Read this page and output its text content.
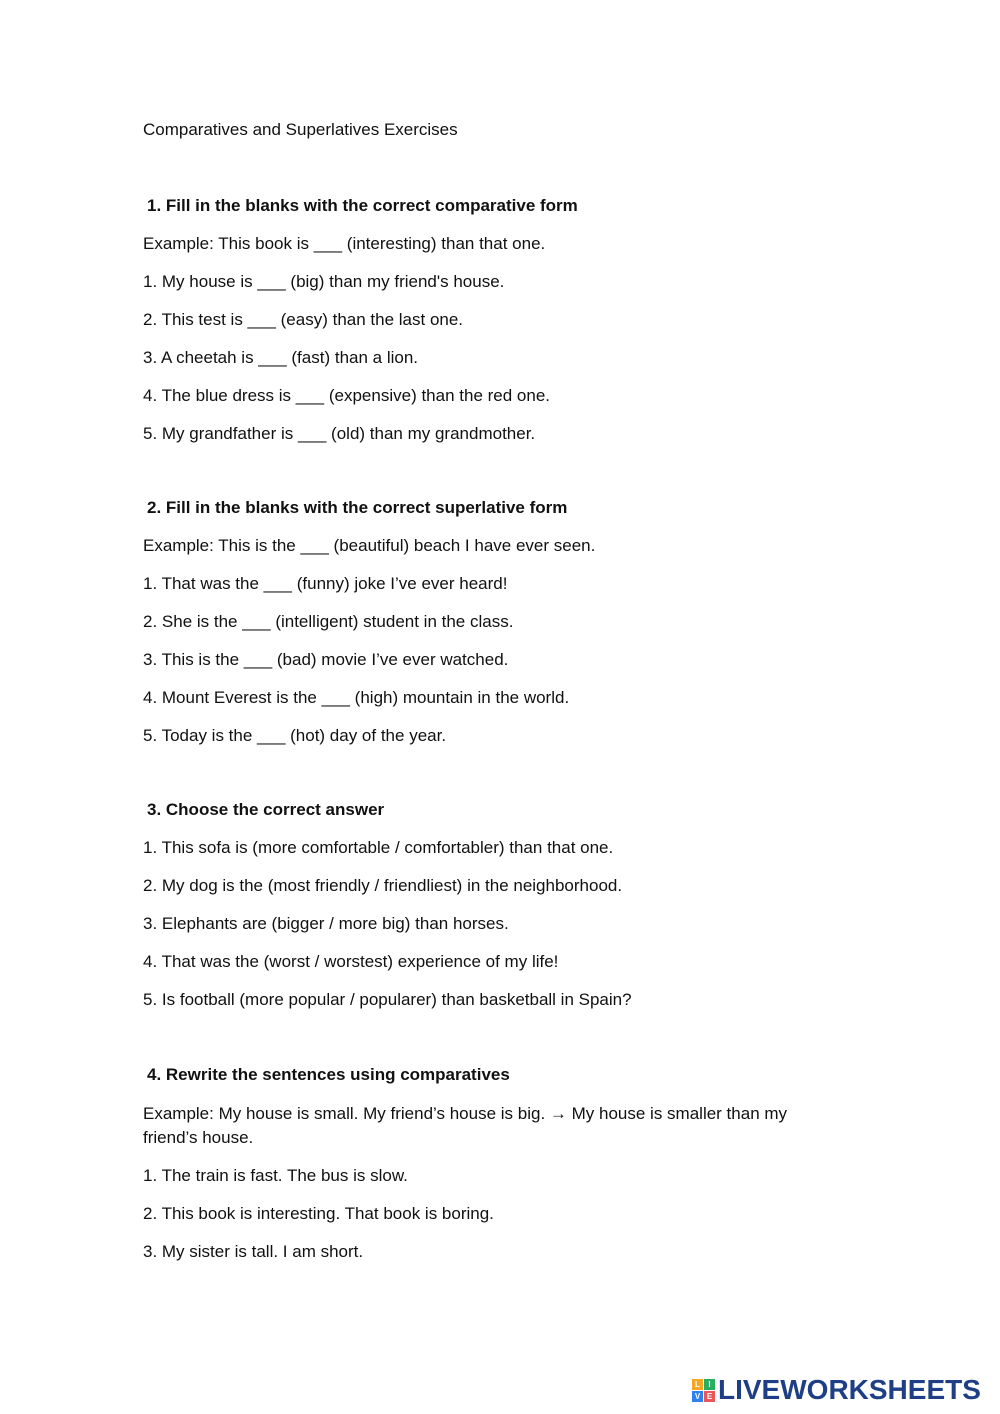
Comparatives and Superlatives Exercises

1. Fill in the blanks with the correct comparative form

Example: This book is ___ (interesting) than that one.

1. My house is ___ (big) than my friend's house.

2. This test is ___ (easy) than the last one.

3. A cheetah is ___ (fast) than a lion.

4. The blue dress is ___ (expensive) than the red one.

5. My grandfather is ___ (old) than my grandmother.

2. Fill in the blanks with the correct superlative form

Example: This is the ___ (beautiful) beach I have ever seen.

1. That was the ___ (funny) joke I’ve ever heard!

2. She is the ___ (intelligent) student in the class.

3. This is the ___ (bad) movie I’ve ever watched.

4. Mount Everest is the ___ (high) mountain in the world.

5. Today is the ___ (hot) day of the year.

3. Choose the correct answer

1. This sofa is (more comfortable / comfortabler) than that one.

2. My dog is the (most friendly / friendliest) in the neighborhood.

3. Elephants are (bigger / more big) than horses.

4. That was the (worst / worstest) experience of my life!

5. Is football (more popular / popularer) than basketball in Spain?

4. Rewrite the sentences using comparatives

Example: My house is small. My friend’s house is big. → My house is smaller than my friend’s house.

1. The train is fast. The bus is slow.

2. This book is interesting. That book is boring.

3. My sister is tall. I am short.

L	I
V E LIVEWORKSHEETS
